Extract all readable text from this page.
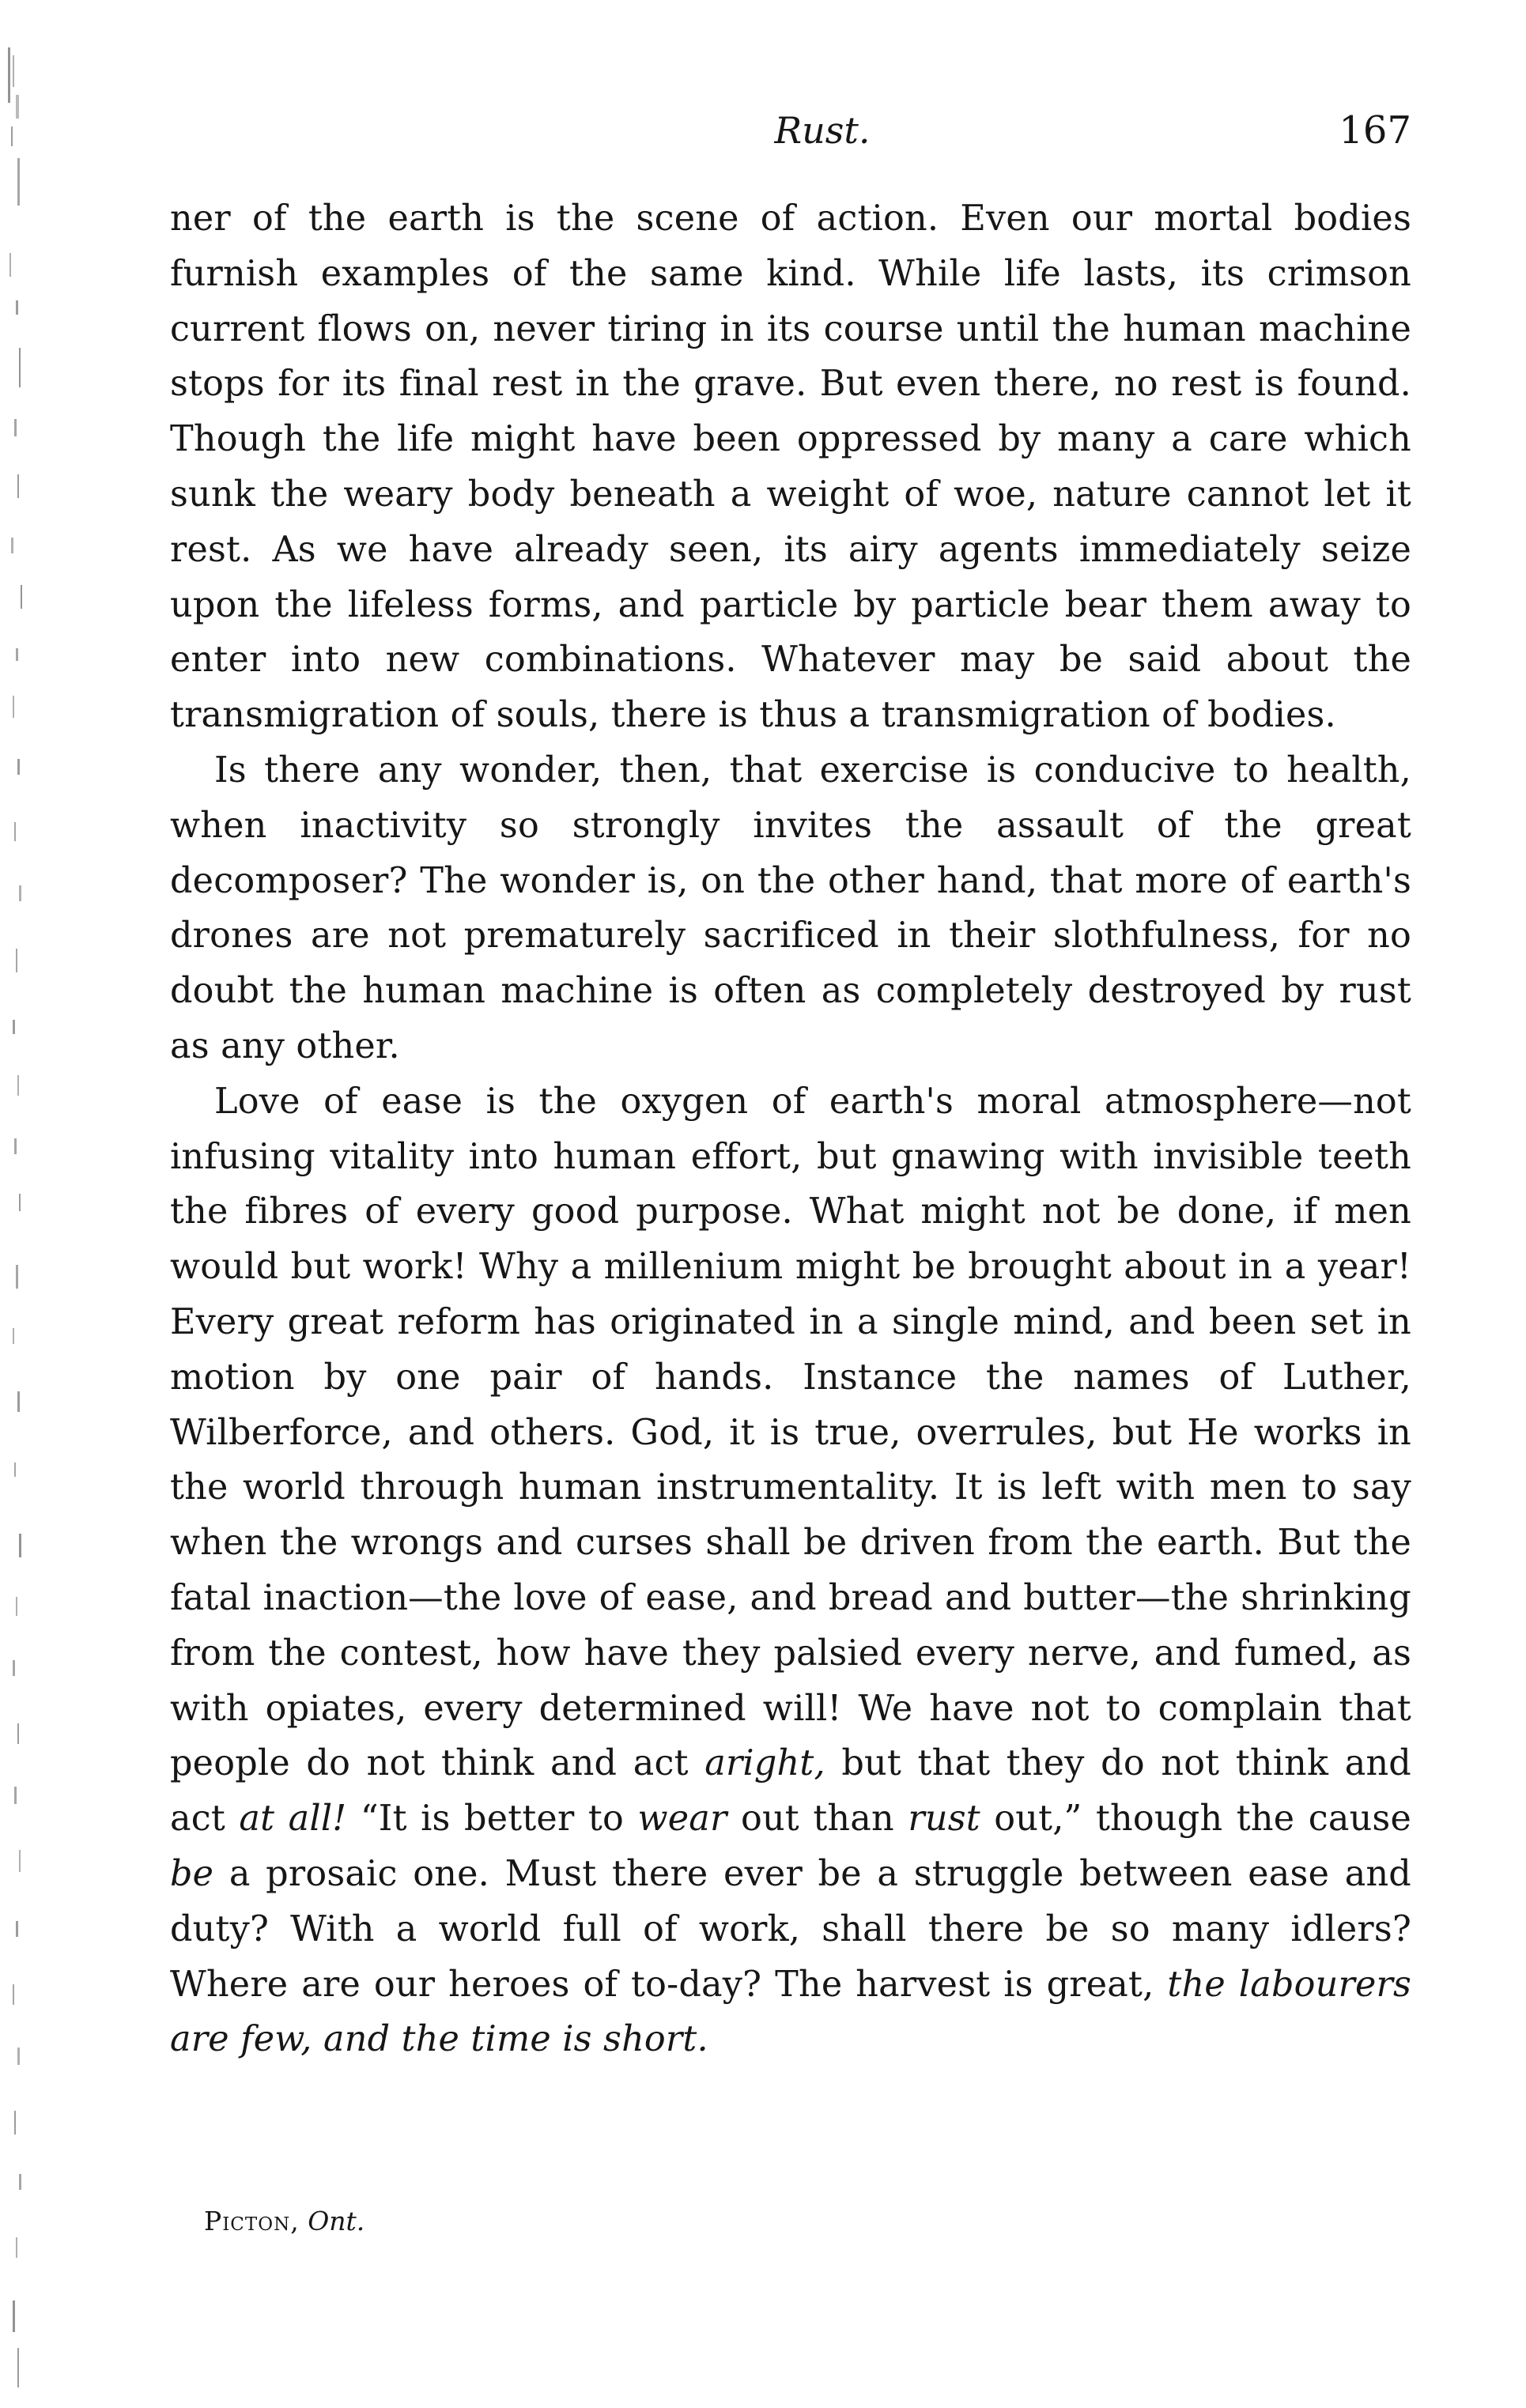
Rust.	167

ner of the earth is the scene of action. Even our mortal bodies furnish examples of the same kind. While life lasts, its crimson current flows on, never tiring in its course until the human machine stops for its final rest in the grave. But even there, no rest is found. Though the life might have been oppressed by many a care which sunk the weary body beneath a weight of woe, nature cannot let it rest. As we have already seen, its airy agents immediately seize upon the lifeless forms, and particle by particle bear them away to enter into new combinations. Whatever may be said about the transmigration of souls, there is thus a transmigration of bodies.

Is there any wonder, then, that exercise is conducive to health, when inactivity so strongly invites the assault of the great decomposer? The wonder is, on the other hand, that more of earth's drones are not prematurely sacrificed in their slothfulness, for no doubt the human machine is often as completely destroyed by rust as any other.

Love of ease is the oxygen of earth's moral atmosphere—not infusing vitality into human effort, but gnawing with invisible teeth the fibres of every good purpose. What might not be done, if men would but work! Why a millenium might be brought about in a year! Every great reform has originated in a single mind, and been set in motion by one pair of hands. Instance the names of Luther, Wilberforce, and others. God, it is true, overrules, but He works in the world through human instrumentality. It is left with men to say when the wrongs and curses shall be driven from the earth. But the fatal inaction—the love of ease, and bread and butter—the shrinking from the contest, how have they palsied every nerve, and fumed, as with opiates, every determined will! We have not to complain that people do not think and act aright, but that they do not think and act at all! “It is better to wear out than rust out,” though the cause be a prosaic one. Must there ever be a struggle between ease and duty? With a world full of work, shall there be so many idlers? Where are our heroes of to-day? The harvest is great, the labourers are few, and the time is short.

Picton, Ont.
